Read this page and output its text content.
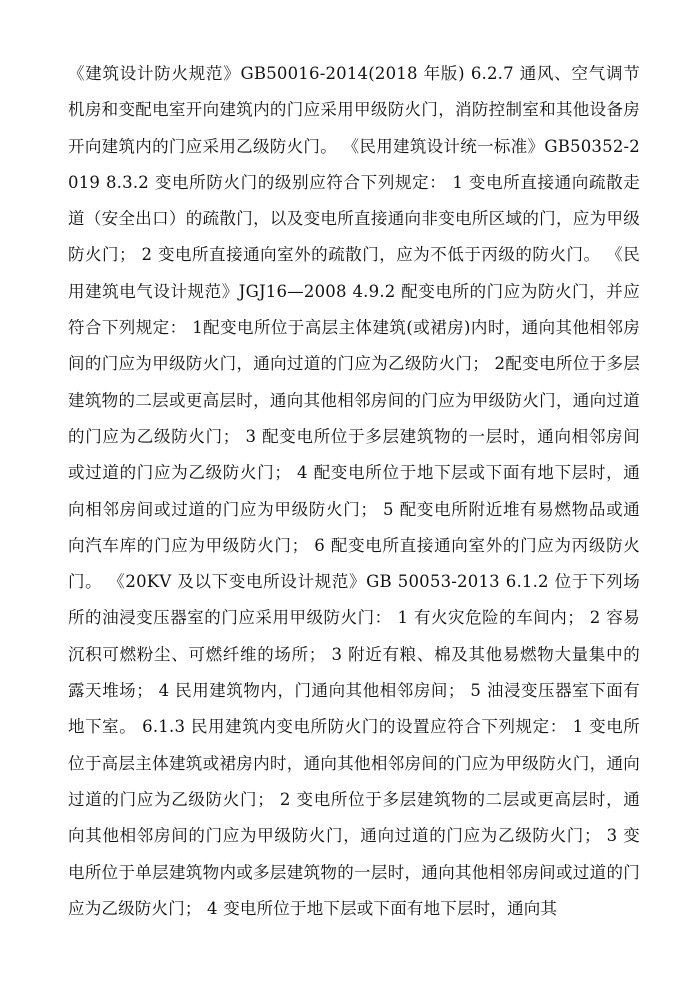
《建筑设计防火规范》GB50016-2014(2018 年版) 6.2.7 通风、空气调节机房和变配电室开向建筑内的门应采用甲级防火门，消防控制室和其他设备房开向建筑内的门应采用乙级防火门。 《民用建筑设计统一标准》GB50352-2019 8.3.2 变电所防火门的级别应符合下列规定： 1 变电所直接通向疏散走道（安全出口）的疏散门，以及变电所直接通向非变电所区域的门，应为甲级防火门； 2 变电所直接通向室外的疏散门，应为不低于丙级的防火门。 《民用建筑电气设计规范》JGJ16—2008 4.9.2 配变电所的门应为防火门，并应符合下列规定： 1配变电所位于高层主体建筑(或裙房)内时，通向其他相邻房间的门应为甲级防火门，通向过道的门应为乙级防火门； 2配变电所位于多层建筑物的二层或更高层时，通向其他相邻房间的门应为甲级防火门，通向过道的门应为乙级防火门； 3 配变电所位于多层建筑物的一层时，通向相邻房间或过道的门应为乙级防火门； 4 配变电所位于地下层或下面有地下层时，通向相邻房间或过道的门应为甲级防火门； 5 配变电所附近堆有易燃物品或通向汽车库的门应为甲级防火门； 6 配变电所直接通向室外的门应为丙级防火门。 《20KV 及以下变电所设计规范》GB 50053-2013 6.1.2 位于下列场所的油浸变压器室的门应采用甲级防火门： 1 有火灾危险的车间内； 2 容易沉积可燃粉尘、可燃纤维的场所； 3 附近有粮、棉及其他易燃物大量集中的露天堆场； 4 民用建筑物内，门通向其他相邻房间； 5 油浸变压器室下面有地下室。 6.1.3 民用建筑内变电所防火门的设置应符合下列规定： 1 变电所位于高层主体建筑或裙房内时，通向其他相邻房间的门应为甲级防火门，通向过道的门应为乙级防火门； 2 变电所位于多层建筑物的二层或更高层时，通向其他相邻房间的门应为甲级防火门，通向过道的门应为乙级防火门； 3 变电所位于单层建筑物内或多层建筑物的一层时，通向其他相邻房间或过道的门应为乙级防火门； 4 变电所位于地下层或下面有地下层时，通向其
